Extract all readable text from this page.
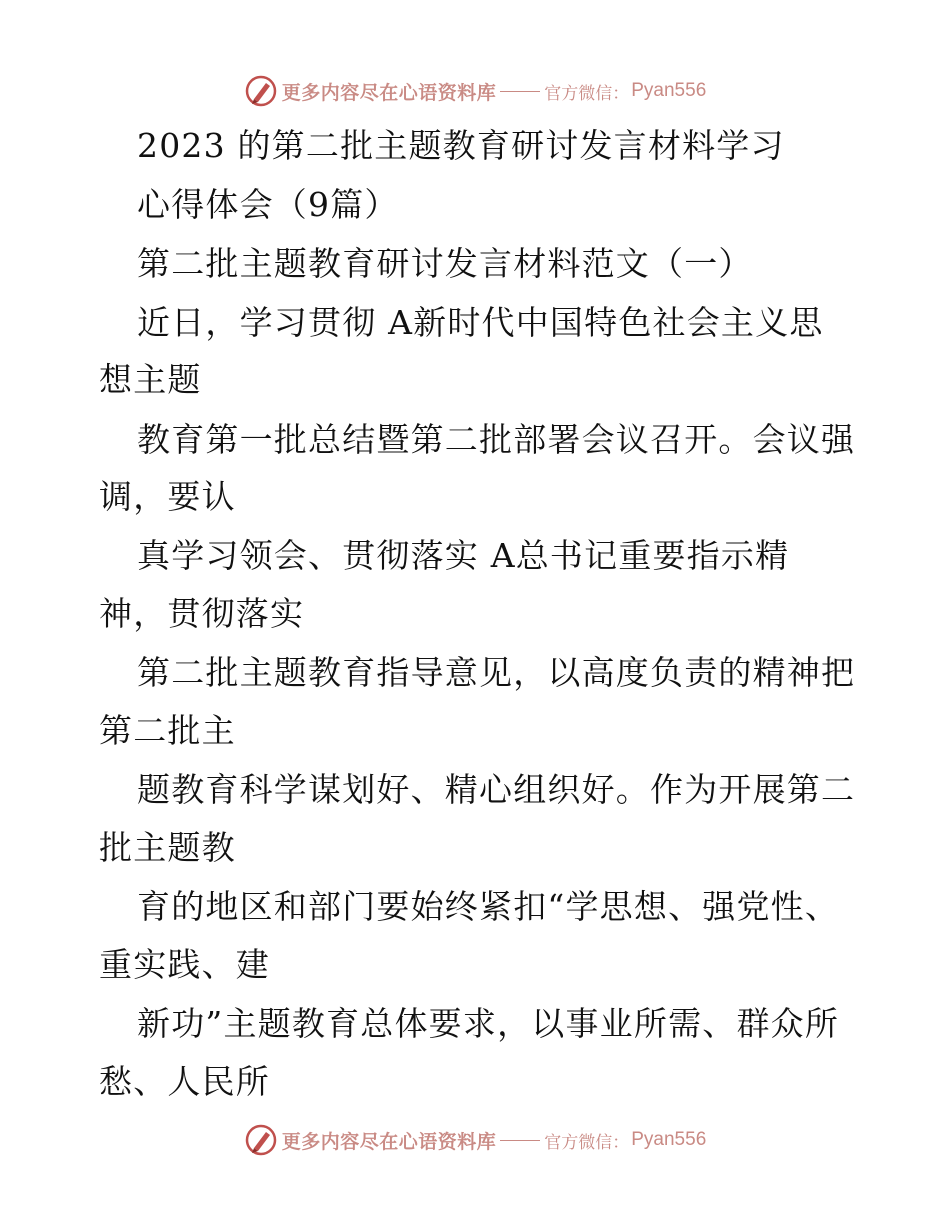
更多内容尽在心语资料库	官方微信： Pyan556
2023 的第二批主题教育研讨发言材料学习
心得体会（9篇）
第二批主题教育研讨发言材料范文（一）
近日，学习贯彻 A新时代中国特色社会主义思
想主题
教育第一批总结暨第二批部署会议召开。会议强
调，要认
真学习领会、贯彻落实 A总书记重要指示精
神，贯彻落实
第二批主题教育指导意见，以高度负责的精神把
第二批主
题教育科学谋划好、精心组织好。作为开展第二
批主题教
育的地区和部门要始终紧扣“学思想、强党性、
重实践、建
新功”主题教育总体要求，以事业所需、群众所
愁、人民所
更多内容尽在心语资料库	官方微信： Pyan556
